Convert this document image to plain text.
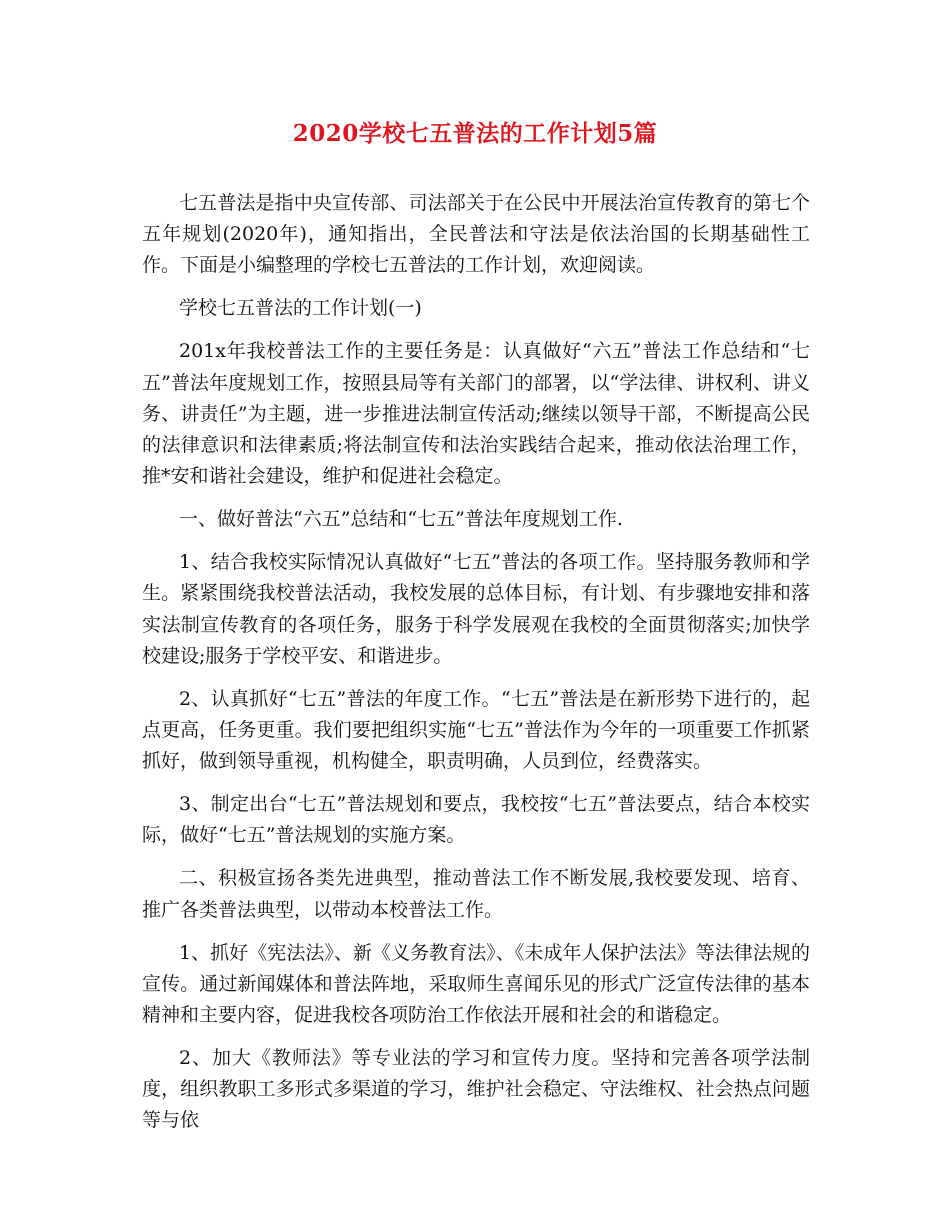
2020学校七五普法的工作计划5篇

七五普法是指中央宣传部、司法部关于在公民中开展法治宣传教育的第七个五年规划(2020年)，通知指出，全民普法和守法是依法治国的长期基础性工作。下面是小编整理的学校七五普法的工作计划，欢迎阅读。

学校七五普法的工作计划(一)

201x年我校普法工作的主要任务是：认真做好“六五”普法工作总结和“七五”普法年度规划工作，按照县局等有关部门的部署，以“学法律、讲权利、讲义务、讲责任”为主题，进一步推进法制宣传活动;继续以领导干部，不断提高公民的法律意识和法律素质;将法制宣传和法治实践结合起来，推动依法治理工作，推*安和谐社会建设，维护和促进社会稳定。

一、做好普法“六五”总结和“七五”普法年度规划工作.

1、结合我校实际情况认真做好“七五”普法的各项工作。坚持服务教师和学生。紧紧围绕我校普法活动，我校发展的总体目标，有计划、有步骤地安排和落实法制宣传教育的各项任务，服务于科学发展观在我校的全面贯彻落实;加快学校建设;服务于学校平安、和谐进步。

2、认真抓好“七五”普法的年度工作。“七五”普法是在新形势下进行的，起点更高，任务更重。我们要把组织实施“七五”普法作为今年的一项重要工作抓紧抓好，做到领导重视，机构健全，职责明确，人员到位，经费落实。

3、制定出台“七五”普法规划和要点，我校按“七五”普法要点，结合本校实际，做好“七五”普法规划的实施方案。

二、积极宣扬各类先进典型，推动普法工作不断发展,我校要发现、培育、推广各类普法典型，以带动本校普法工作。

1、抓好《宪法法》、新《义务教育法》、《未成年人保护法法》等法律法规的宣传。通过新闻媒体和普法阵地，采取师生喜闻乐见的形式广泛宣传法律的基本精神和主要内容，促进我校各项防治工作依法开展和社会的和谐稳定。

2、加大《教师法》等专业法的学习和宣传力度。坚持和完善各项学法制度，组织教职工多形式多渠道的学习，维护社会稳定、守法维权、社会热点问题等与依
